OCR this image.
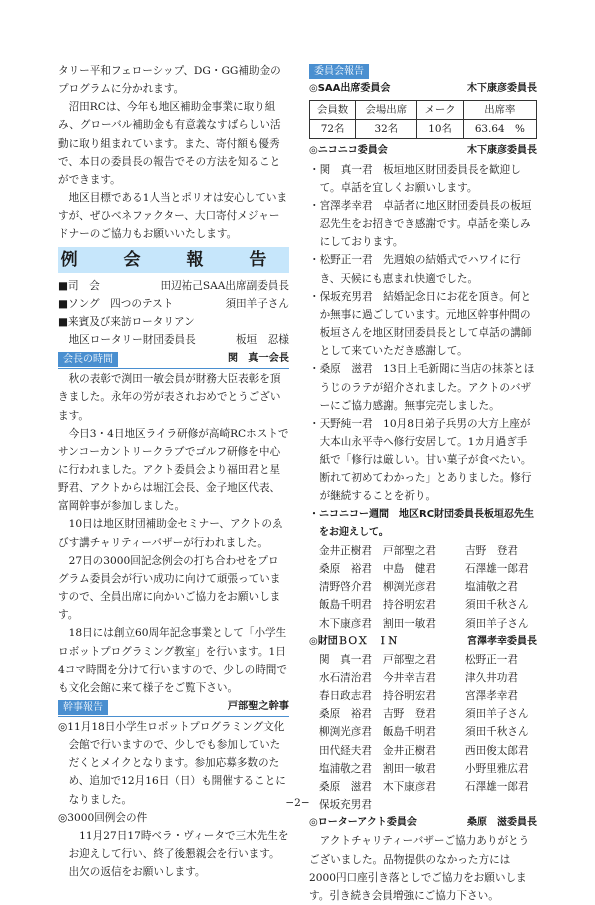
タリー平和フェローシップ、DG・GG補助金のプログラムに分かれます。

沼田RCは、今年も地区補助金事業に取り組み、グローバル補助金も有意義なすばらしい活動に取り組まれています。また、寄付額も優秀で、本日の委員長の報告でその方法を知ることができます。

地区目標である1人当とポリオは安心していますが、ぜひベネファクター、大口寄付メジャードナーのご協力もお願いいたします。

例 会 報 告
■司　会	田辺祐己SAA出席副委員長
■ソング　四つのテスト	須田羊子さん
■来賓及び来訪ロータリアン
　地区ロータリー財団委員長	板垣　忍様
会長の時間	関　真一会長

秋の表彰で渕田一敏会員が財務大臣表彰を頂きました。永年の労が表されおめでとうございます。

今日3・4日地区ライラ研修が高崎RCホストでサンコーカントリークラブでゴルフ研修を中心に行われました。アクト委員会より福田君と星野君、アクトからは堀江会長、金子地区代表、富岡幹事が参加しました。

10日は地区財団補助金セミナー、アクトのゑびす講チャリティーバザーが行われました。

27日の3000回記念例会の打ち合わせをプログラム委員会が行い成功に向けて頑張っていますので、全員出席に向かいご協力をお願いします。

18日には創立60周年記念事業として「小学生ロボットプログラミング教室」を行います。1日4コマ時間を分けて行いますので、少しの時間でも文化会館に来て様子をご覧下さい。

幹事報告	戸部聖之幹事

◎11月18日小学生ロボットプログラミング文化会館で行いますので、少しでも参加していただくとメイクとなります。参加応募多数のため、追加で12月16日（日）も開催することになりました。

◎3000回例会の件

　11月27日17時ベラ・ヴィータで三木先生をお迎えして行い、終了後懇親会を行います。出欠の返信をお願いします。

委員会報告
◎SAA出席委員会	木下康彦委員長
会員数	会場出席	メーク	出席率
72名	32名	10名	63.64　%
◎ニコニコ委員会	木下康彦委員長

・関　真一君　板垣地区財団委員長を歓迎して。卓話を宜しくお願いします。

・宮澤孝幸君　卓話者に地区財団委員長の板垣忍先生をお招きでき感謝です。卓話を楽しみにしております。

・松野正一君　先週娘の結婚式でハワイに行き、天候にも恵まれ快適でした。

・保坂充男君　結婚記念日にお花を頂き。何とか無事に過ごしています。元地区幹事仲間の板垣さんを地区財団委員長として卓話の講師として来ていただき感謝して。

・桑原　滋君　13日上毛新聞に当店の抹茶とほうじのラテが紹介されました。アクトのバザーにご協力感謝。無事完売しました。

・天野純一君　10月8日弟子兵男の大方上座が大本山永平寺へ修行安居して。1カ月過ぎ手紙で「修行は厳しい。甘い菓子が食べたい。断れて初めてわかった」とありました。修行が継続することを祈り。

・ニコニコー週間　地区RC財団委員長板垣忍先生をお迎えして。

金井正樹君	戸部聖之君	吉野　登君
桑原　裕君	中島　健君	石澤雄一郎君
清野啓介君	柳渕光彦君	塩浦敬之君
飯島千明君	持谷明宏君	須田千秋さん
木下康彦君	割田一敏君	須田羊子さん
◎財団ＢＯＸ　ＩＮ	宮澤孝幸委員長
関　真一君	戸部聖之君	松野正一君
水石清治君	今井幸吉君	津久井功君
春日政志君	持谷明宏君	宮澤孝幸君
桑原　裕君	吉野　登君	須田羊子さん
柳渕光彦君	飯島千明君	須田千秋さん
田代経夫君	金井正樹君	西田俊太郎君
塩浦敬之君	割田一敏君	小野里雅広君
桑原　滋君	木下康彦君	石澤雄一郎君
保坂充男君
◎ローターアクト委員会	桑原　滋委員長

アクトチャリティーバザーご協力ありがとうございました。品物提供のなかった方には2000円口座引き落としでご協力をお願いします。引き続き会員増強にご協力下さい。

−2−
